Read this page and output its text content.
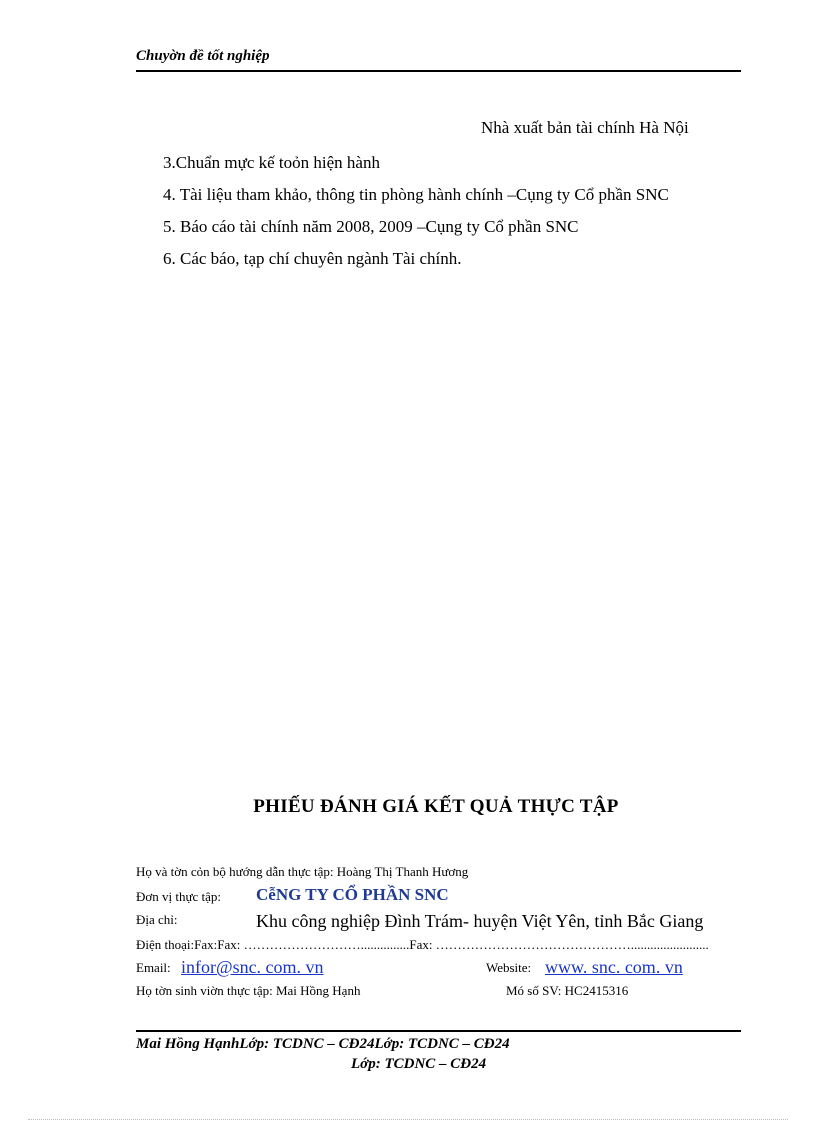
Chuyờn đề tốt nghiệp
Nhà xuất bản tài chính Hà Nội
3.Chuẩn mực kế toỏn hiện hành
4. Tài liệu tham khảo, thông tin phòng hành chính –Cụng ty Cổ phần SNC
5. Báo cáo tài chính năm 2008, 2009 –Cụng ty Cổ phần SNC
6. Các báo, tạp chí chuyên ngành Tài chính.
PHIẾU ĐÁNH GIÁ KẾT QUẢ THỰC TẬP
Họ và tờn cỏn bộ hướng dẫn thực tập: Hoàng Thị Thanh Hương
Đơn vị thực tập: CễNG TY CỔ PHẦN SNC
Địa chỉ:	Khu công nghiệp Đình Trám- huyện Việt Yên, tỉnh Bắc Giang
Điện thoại:Fax:Fax: ………………………...............Fax: ………………………………………........................
Email: infor@snc. com. vn	Website: www. snc. com. vn
Họ tờn sinh viờn thực tập: Mai Hồng Hạnh	Mó số SV: HC2415316
Mai Hồng HạnhLớp: TCDNC – CĐ24Lớp: TCDNC – CĐ24
Lớp: TCDNC – CĐ24
